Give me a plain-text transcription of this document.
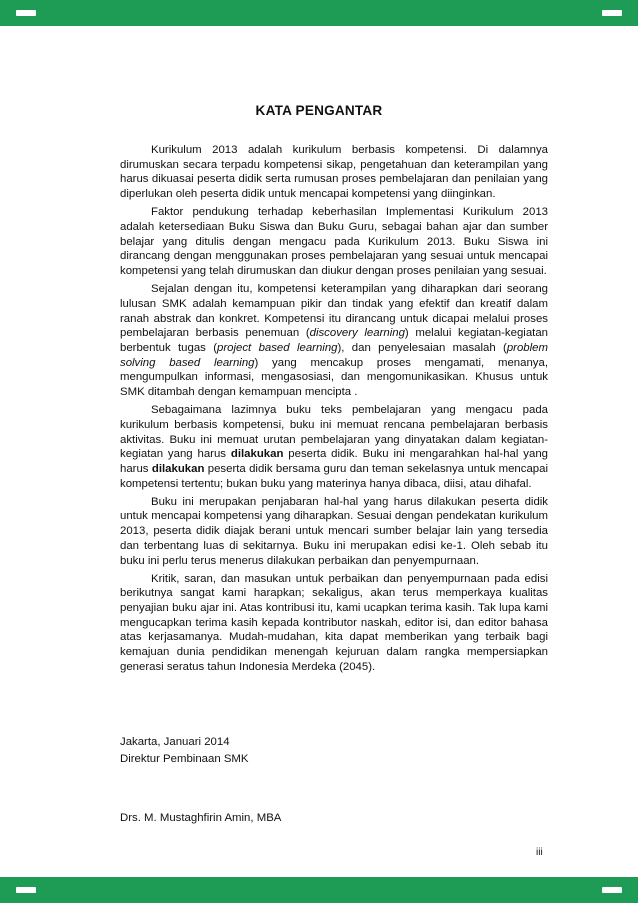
KATA PENGANTAR

Kurikulum 2013 adalah kurikulum berbasis kompetensi. Di dalamnya dirumuskan secara terpadu kompetensi sikap, pengetahuan dan keterampilan yang harus dikuasai peserta didik serta rumusan proses pembelajaran dan penilaian yang diperlukan oleh peserta didik untuk mencapai kompetensi yang diinginkan.

Faktor pendukung terhadap keberhasilan Implementasi Kurikulum 2013 adalah ketersediaan Buku Siswa dan Buku Guru, sebagai bahan ajar dan sumber belajar yang ditulis dengan mengacu pada Kurikulum 2013. Buku Siswa ini dirancang dengan menggunakan proses pembelajaran yang sesuai untuk mencapai kompetensi yang telah dirumuskan dan diukur dengan proses penilaian yang sesuai.

Sejalan dengan itu, kompetensi keterampilan yang diharapkan dari seorang lulusan SMK adalah kemampuan pikir dan tindak yang efektif dan kreatif dalam ranah abstrak dan konkret. Kompetensi itu dirancang untuk dicapai melalui proses pembelajaran berbasis penemuan (discovery learning) melalui kegiatan-kegiatan berbentuk tugas (project based learning), dan penyelesaian masalah (problem solving based learning) yang mencakup proses mengamati, menanya, mengumpulkan informasi, mengasosiasi, dan mengomunikasikan. Khusus untuk SMK ditambah dengan kemampuan mencipta .

Sebagaimana lazimnya buku teks pembelajaran yang mengacu pada kurikulum berbasis kompetensi, buku ini memuat rencana pembelajaran berbasis aktivitas. Buku ini memuat urutan pembelajaran yang dinyatakan dalam kegiatan-kegiatan yang harus dilakukan peserta didik. Buku ini mengarahkan hal-hal yang harus dilakukan peserta didik bersama guru dan teman sekelasnya untuk mencapai kompetensi tertentu; bukan buku yang materinya hanya dibaca, diisi, atau dihafal.

Buku ini merupakan penjabaran hal-hal yang harus dilakukan peserta didik untuk mencapai kompetensi yang diharapkan. Sesuai dengan pendekatan kurikulum 2013, peserta didik diajak berani untuk mencari sumber belajar lain yang tersedia dan terbentang luas di sekitarnya. Buku ini merupakan edisi ke-1. Oleh sebab itu buku ini perlu terus menerus dilakukan perbaikan dan penyempurnaan.

Kritik, saran, dan masukan untuk perbaikan dan penyempurnaan pada edisi berikutnya sangat kami harapkan; sekaligus, akan terus memperkaya kualitas penyajian buku ajar ini. Atas kontribusi itu, kami ucapkan terima kasih. Tak lupa kami mengucapkan terima kasih kepada kontributor naskah, editor isi, dan editor bahasa atas kerjasamanya. Mudah-mudahan, kita dapat memberikan yang terbaik bagi kemajuan dunia pendidikan menengah kejuruan dalam rangka mempersiapkan generasi seratus tahun Indonesia Merdeka (2045).

Jakarta, Januari 2014
Direktur Pembinaan SMK
Drs. M. Mustaghfirin Amin, MBA
iii
